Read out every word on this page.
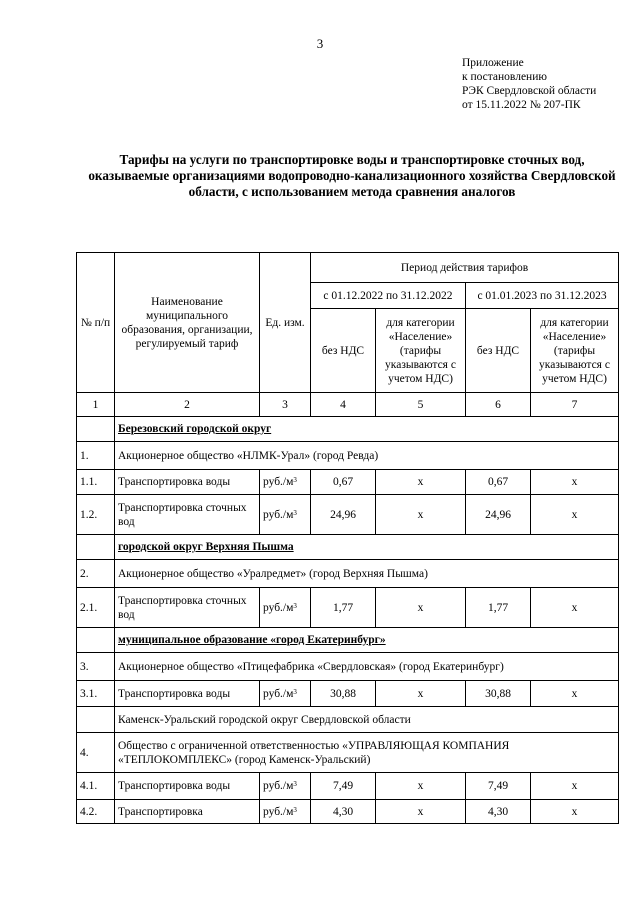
3
Приложение
к постановлению
РЭК Свердловской области
от 15.11.2022 № 207-ПК
Тарифы на услуги по транспортировке воды и транспортировке сточных вод, оказываемые организациями водопроводно-канализационного хозяйства Свердловской области, с использованием метода сравнения аналогов
№ п/п	Наименование муниципального образования, организации, регулируемый тариф	Ед. изм.	Период действия тарифов			
			с 01.12.2022 по 31.12.2022		с 01.01.2023 по 31.12.2023	
			без НДС	для категории «Население» (тарифы указываются с учетом НДС)	без НДС	для категории «Население» (тарифы указываются с учетом НДС)
1	2	3	4	5	6	7
	Березовский городской округ					
1.	Акционерное общество «НЛМК-Урал» (город Ревда)					
1.1.	Транспортировка воды	$руб./м^3$	0,67	х	0,67	х
1.2.	Транспортировка сточных вод	$руб./м^3$	24,96	х	24,96	х
	городской округ Верхняя Пышма					
2.	Акционерное общество «Уралредмет» (город Верхняя Пышма)					
2.1.	Транспортировка сточных вод	$руб./м^3$	1,77	х	1,77	х
	муниципальное образование «город Екатеринбург»					
3.	Акционерное общество «Птицефабрика «Свердловская» (город Екатеринбург)					
3.1.	Транспортировка воды	$руб./м^3$	30,88	х	30,88	х
	Каменск-Уральский городской округ Свердловской области					
4.	Общество с ограниченной ответственностью «УПРАВЛЯЮЩАЯ КОМПАНИЯ «ТЕПЛОКОМПЛЕКС» (город Каменск-Уральский)					
4.1.	Транспортировка воды	$руб./м^3$	7,49	х	7,49	х
4.2.	Транспортировка	$руб./м^3$	4,30	х	4,30	х
